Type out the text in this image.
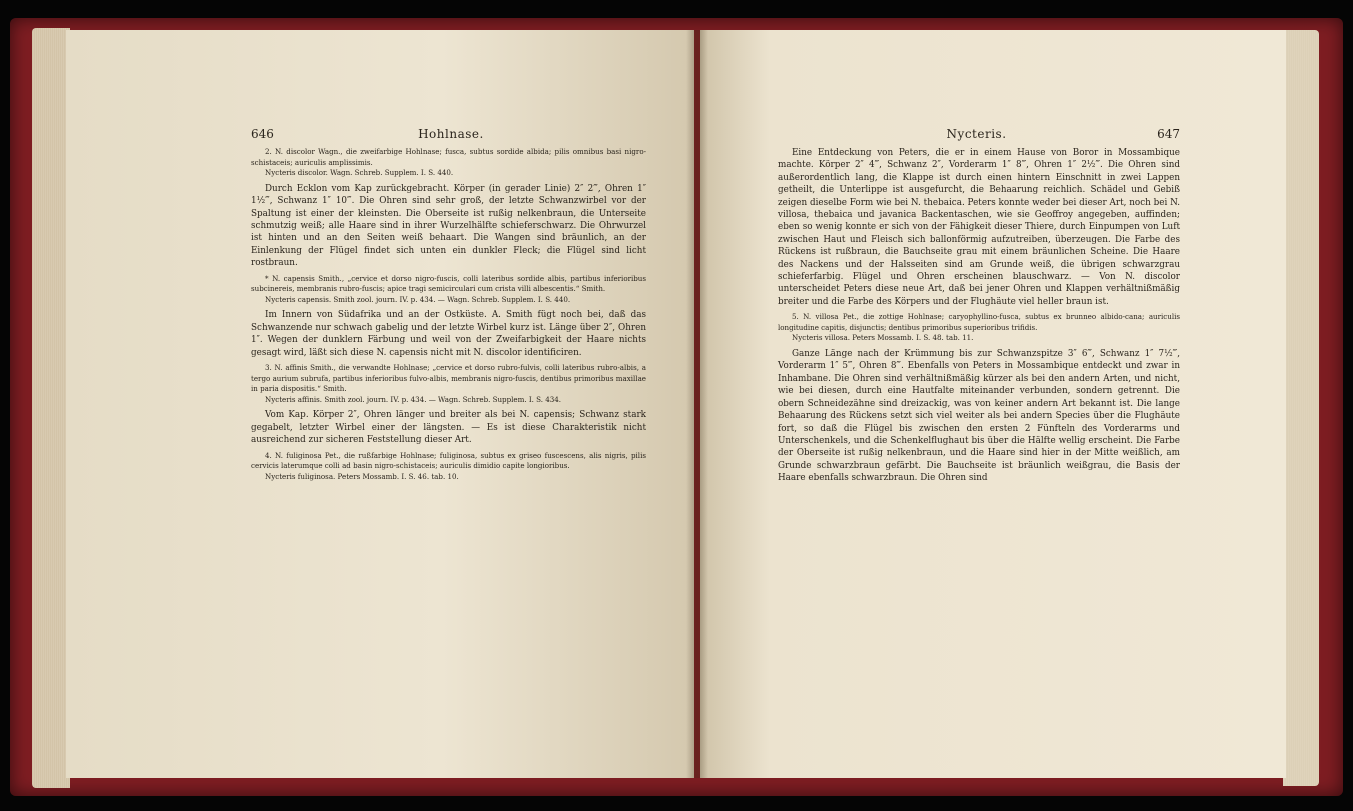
646	Hohlnase.

2. N. discolor Wagn., die zweifarbige Hohlnase; fusca, subtus sordide albida; pilis omnibus basi nigro-schistaceis; auriculis amplissimis.

Nycteris discolor. Wagn. Schreb. Supplem. I. S. 440.

Durch Ecklon vom Kap zurückgebracht. Körper (in gerader Linie) 2″ 2‴, Ohren 1″ 1½‴, Schwanz 1″ 10‴. Die Ohren sind sehr groß, der letzte Schwanzwirbel vor der Spaltung ist einer der kleinsten. Die Oberseite ist rußig nelkenbraun, die Unterseite schmutzig weiß; alle Haare sind in ihrer Wurzelhälfte schieferschwarz. Die Ohrwurzel ist hinten und an den Seiten weiß behaart. Die Wangen sind bräunlich, an der Einlenkung der Flügel findet sich unten ein dunkler Fleck; die Flügel sind licht rostbraun.

* N. capensis Smith., „cervice et dorso nigro-fuscis, colli lateribus sordide albis, partibus inferioribus subcinereis, membranis rubro-fuscis; apice tragi semicirculari cum crista villi albescentis.“ Smith.

Nycteris capensis. Smith zool. journ. IV. p. 434. — Wagn. Schreb. Supplem. I. S. 440.

Im Innern von Südafrika und an der Ostküste. A. Smith fügt noch bei, daß das Schwanzende nur schwach gabelig und der letzte Wirbel kurz ist. Länge über 2″, Ohren 1″. Wegen der dunklern Färbung und weil von der Zweifarbigkeit der Haare nichts gesagt wird, läßt sich diese N. capensis nicht mit N. discolor identificiren.

3. N. affinis Smith., die verwandte Hohlnase; „cervice et dorso rubro-fulvis, colli lateribus rubro-albis, a tergo aurium subrufa, partibus inferioribus fulvo-albis, membranis nigro-fuscis, dentibus primoribus maxillae in paria dispositis.“ Smith.

Nycteris affinis. Smith zool. journ. IV. p. 434. — Wagn. Schreb. Supplem. I. S. 434.

Vom Kap. Körper 2″, Ohren länger und breiter als bei N. capensis; Schwanz stark gegabelt, letzter Wirbel einer der längsten. — Es ist diese Charakteristik nicht ausreichend zur sicheren Feststellung dieser Art.

4. N. fuliginosa Pet., die rußfarbige Hohlnase; fuliginosa, subtus ex griseo fuscescens, alis nigris, pilis cervicis laterumque colli ad basin nigro-schistaceis; auriculis dimidio capite longioribus.

Nycteris fuliginosa. Peters Mossamb. I. S. 46. tab. 10.

Nycteris.	647

Eine Entdeckung von Peters, die er in einem Hause von Boror in Mossambique machte. Körper 2″ 4‴, Schwanz 2″, Vorderarm 1″ 8‴, Ohren 1″ 2½‴. Die Ohren sind außerordentlich lang, die Klappe ist durch einen hintern Einschnitt in zwei Lappen getheilt, die Unterlippe ist ausgefurcht, die Behaarung reichlich. Schädel und Gebiß zeigen dieselbe Form wie bei N. thebaica. Peters konnte weder bei dieser Art, noch bei N. villosa, thebaica und javanica Backentaschen, wie sie Geoffroy angegeben, auffinden; eben so wenig konnte er sich von der Fähigkeit dieser Thiere, durch Einpumpen von Luft zwischen Haut und Fleisch sich ballonförmig aufzutreiben, überzeugen. Die Farbe des Rückens ist rußbraun, die Bauchseite grau mit einem bräunlichen Scheine. Die Haare des Nackens und der Halsseiten sind am Grunde weiß, die übrigen schwarzgrau schieferfarbig. Flügel und Ohren erscheinen blauschwarz. — Von N. discolor unterscheidet Peters diese neue Art, daß bei jener Ohren und Klappen verhältnißmäßig breiter und die Farbe des Körpers und der Flughäute viel heller braun ist.

5. N. villosa Pet., die zottige Hohlnase; caryophyllino-fusca, subtus ex brunneo albido-cana; auriculis longitudine capitis, disjunctis; dentibus primoribus superioribus trifidis.

Nycteris villosa. Peters Mossamb. I. S. 48. tab. 11.

Ganze Länge nach der Krümmung bis zur Schwanzspitze 3″ 6‴, Schwanz 1″ 7½‴, Vorderarm 1″ 5‴, Ohren 8‴. Ebenfalls von Peters in Mossambique entdeckt und zwar in Inhambane. Die Ohren sind verhältnißmäßig kürzer als bei den andern Arten, und nicht, wie bei diesen, durch eine Hautfalte miteinander verbunden, sondern getrennt. Die obern Schneidezähne sind dreizackig, was von keiner andern Art bekannt ist. Die lange Behaarung des Rückens setzt sich viel weiter als bei andern Species über die Flughäute fort, so daß die Flügel bis zwischen den ersten 2 Fünfteln des Vorderarms und Unterschenkels, und die Schenkelflughaut bis über die Hälfte wellig erscheint. Die Farbe der Oberseite ist rußig nelkenbraun, und die Haare sind hier in der Mitte weißlich, am Grunde schwarzbraun gefärbt. Die Bauchseite ist bräunlich weißgrau, die Basis der Haare ebenfalls schwarzbraun. Die Ohren sind
